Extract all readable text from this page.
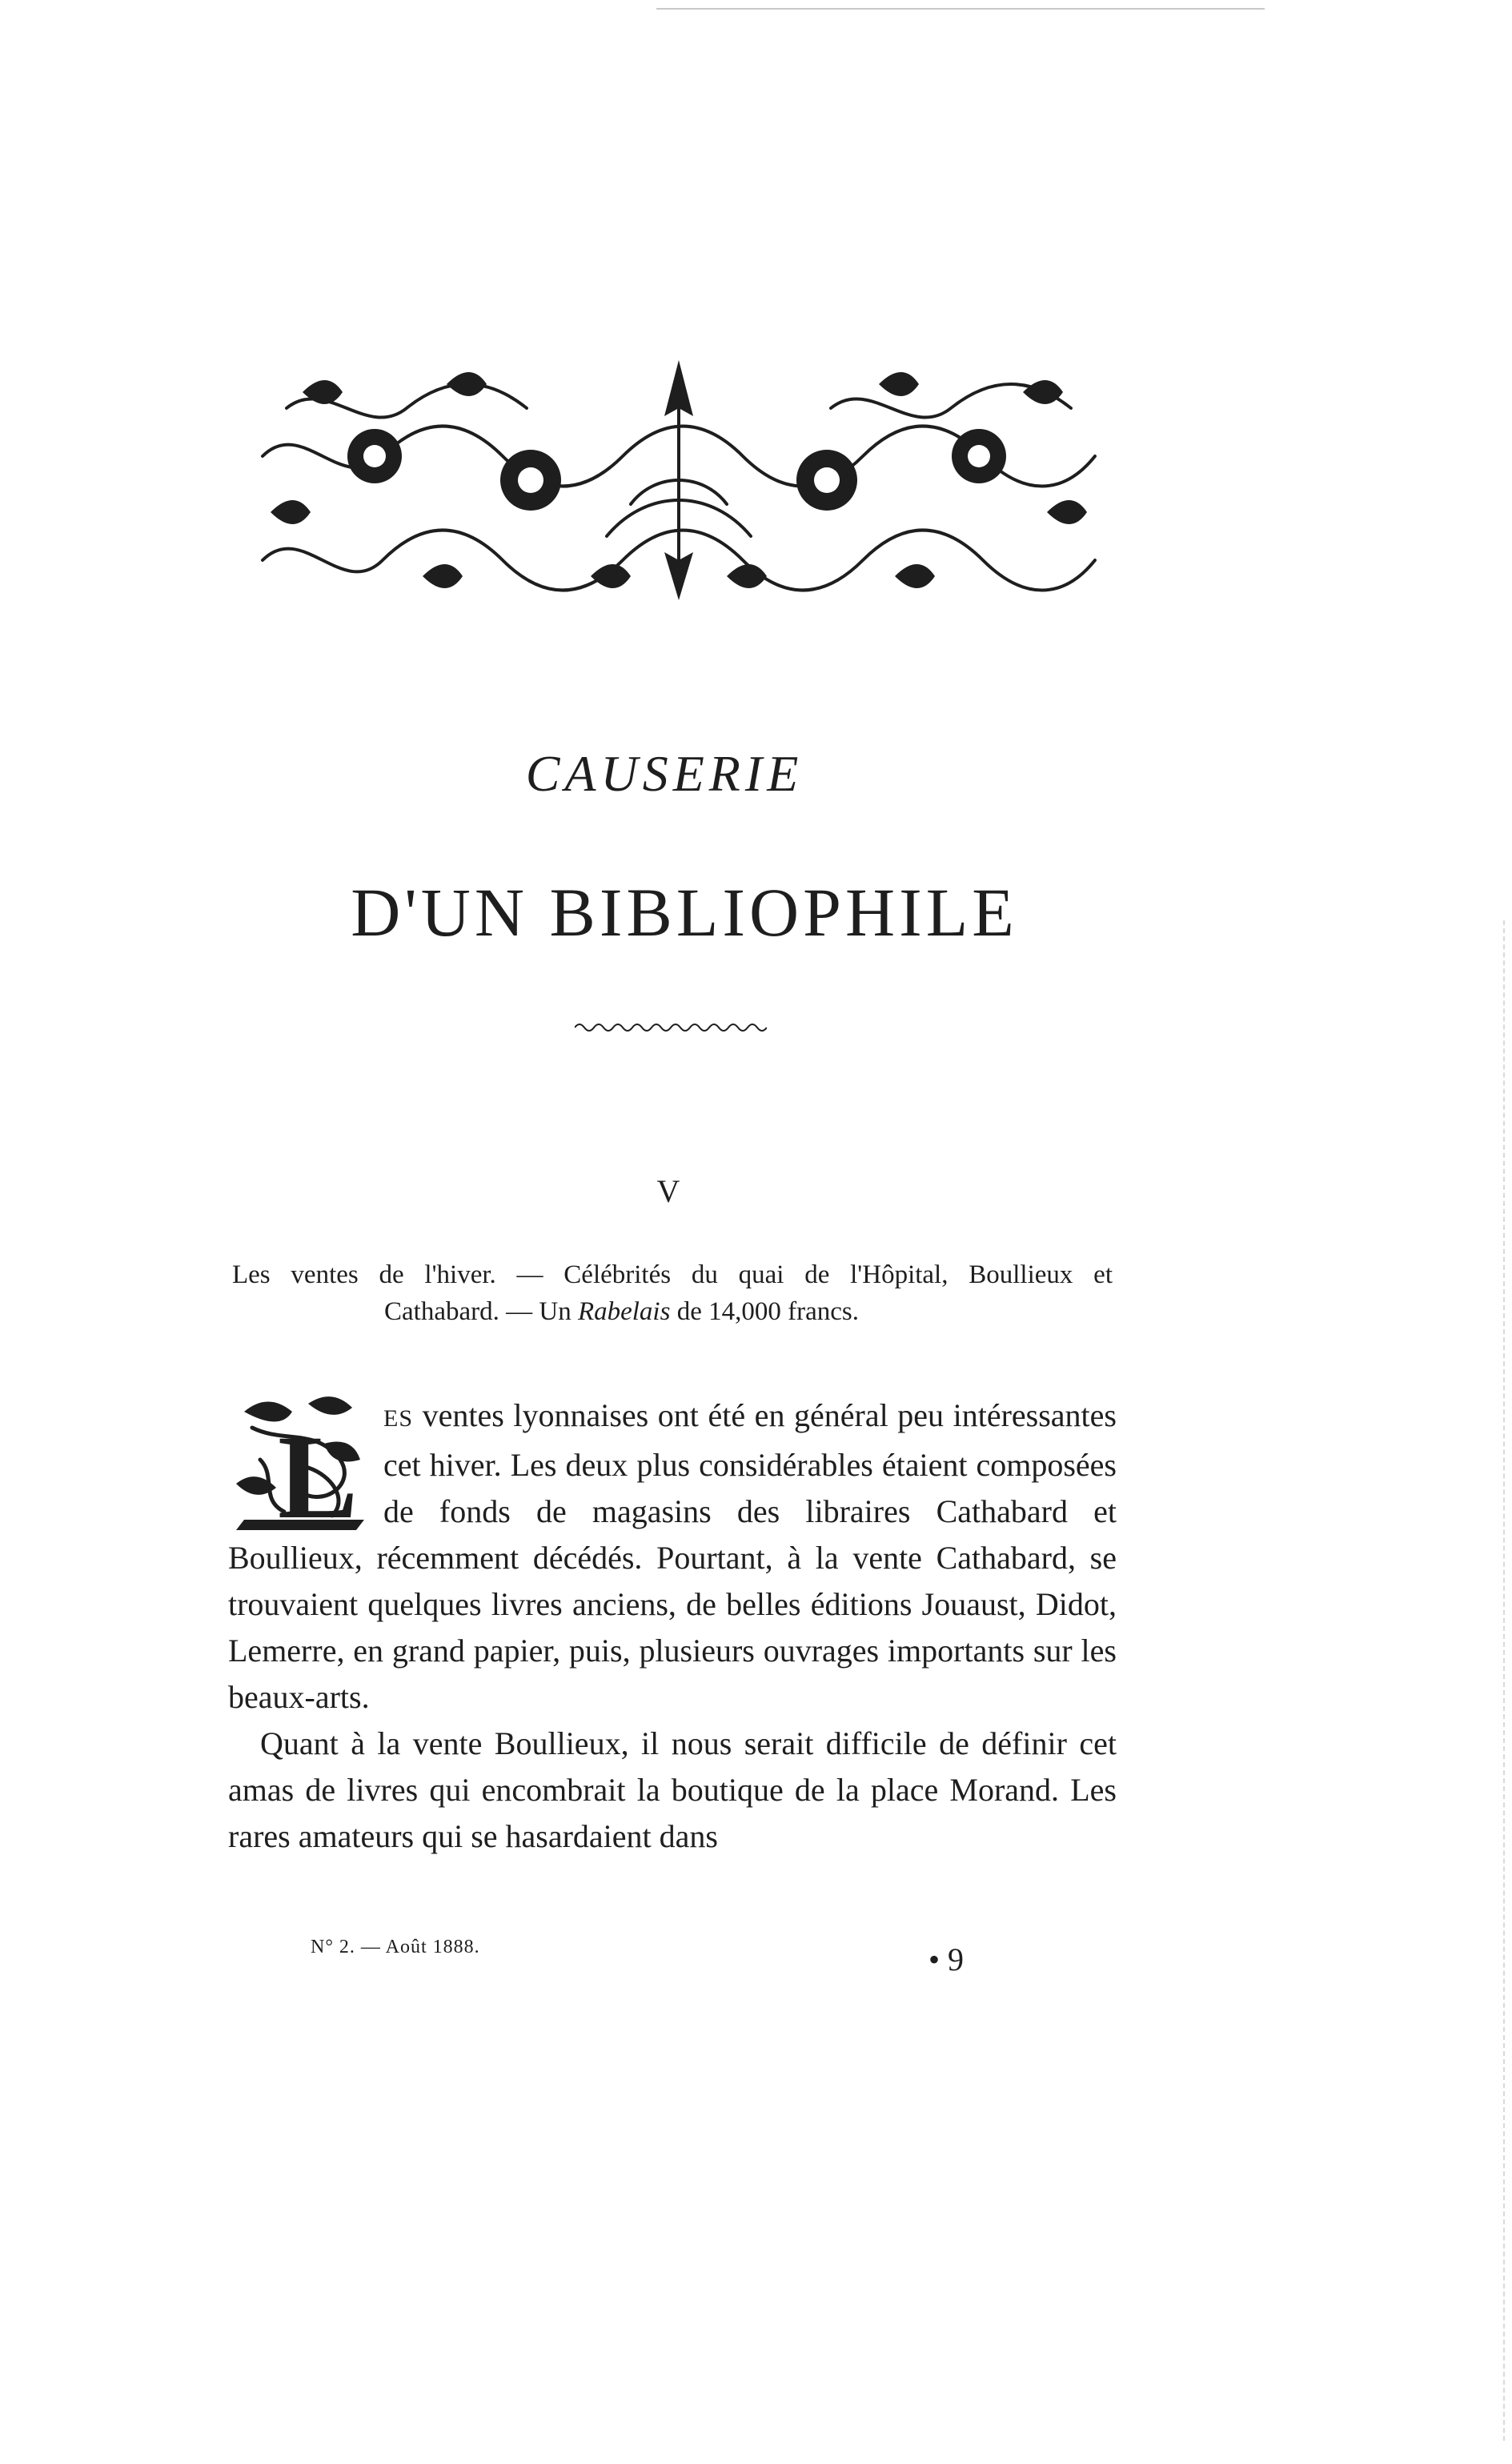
CAUSERIE
D'UN BIBLIOPHILE
V
Les ventes de l'hiver. — Célébrités du quai de l'Hôpital, Boullieux et
Cathabard. — Un Rabelais de 14,000 francs.
L	ES ventes lyonnaises ont été en général peu intéressantes cet hiver. Les deux plus considérables étaient composées de fonds de magasins des libraires Cathabard et Boullieux, récemment décédés. Pourtant, à la vente Cathabard, se trouvaient quelques livres anciens, de belles éditions Jouaust, Didot, Lemerre, en grand papier, puis, plusieurs ouvrages importants sur les beaux-arts.

Quant à la vente Boullieux, il nous serait difficile de définir cet amas de livres qui encombrait la boutique de la place Morand. Les rares amateurs qui se hasardaient dans

N° 2. — Août 1888.	• 9
